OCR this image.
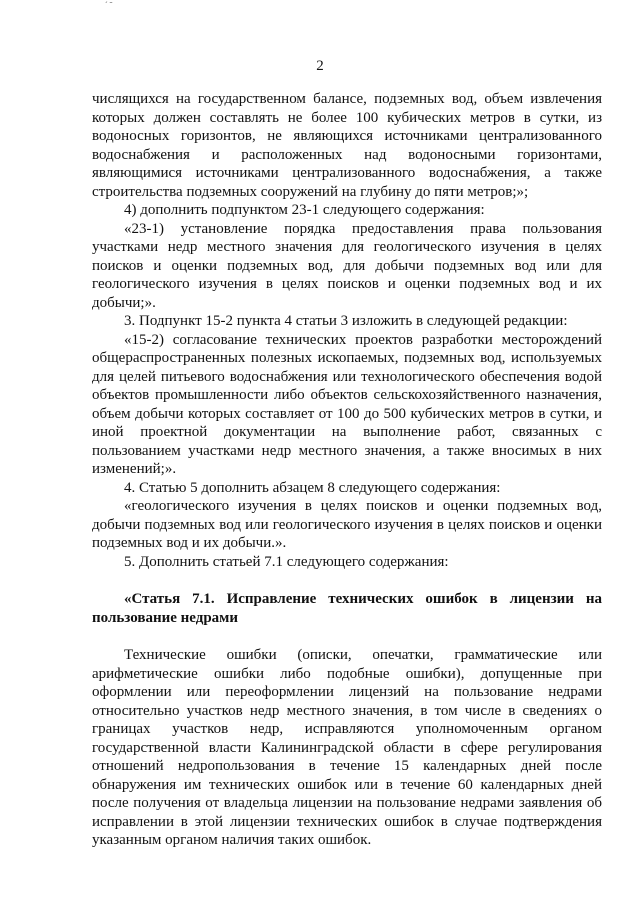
´˜
2

числящихся на государственном балансе, подземных вод, объем извлечения которых должен составлять не более 100 кубических метров в сутки, из водоносных горизонтов, не являющихся источниками централизованного водоснабжения и расположенных над водоносными горизонтами, являющимися источниками централизованного водоснабжения, а также строительства подземных сооружений на глубину до пяти метров;»;

4) дополнить подпунктом 23-1 следующего содержания:

«23-1) установление порядка предоставления права пользования участками недр местного значения для геологического изучения в целях поисков и оценки подземных вод, для добычи подземных вод или для геологического изучения в целях поисков и оценки подземных вод и их добычи;».

3. Подпункт 15-2 пункта 4 статьи 3 изложить в следующей редакции:

«15-2) согласование технических проектов разработки месторождений общераспространенных полезных ископаемых, подземных вод, используемых для целей питьевого водоснабжения или технологического обеспечения водой объектов промышленности либо объектов сельскохозяйственного назначения, объем добычи которых составляет от 100 до 500 кубических метров в сутки, и иной проектной документации на выполнение работ, связанных с пользованием участками недр местного значения, а также вносимых в них изменений;».

4. Статью 5 дополнить абзацем 8 следующего содержания:

«геологического изучения в целях поисков и оценки подземных вод, добычи подземных вод или геологического изучения в целях поисков и оценки подземных вод и их добычи.».

5. Дополнить статьей 7.1 следующего содержания:

«Статья 7.1. Исправление технических ошибок в лицензии на пользование недрами

Технические ошибки (описки, опечатки, грамматические или арифметические ошибки либо подобные ошибки), допущенные при оформлении или переоформлении лицензий на пользование недрами относительно участков недр местного значения, в том числе в сведениях о границах участков недр, исправляются уполномоченным органом государственной власти Калининградской области в сфере регулирования отношений недропользования в течение 15 календарных дней после обнаружения им технических ошибок или в течение 60 календарных дней после получения от владельца лицензии на пользование недрами заявления об исправлении в этой лицензии технических ошибок в случае подтверждения указанным органом наличия таких ошибок.
